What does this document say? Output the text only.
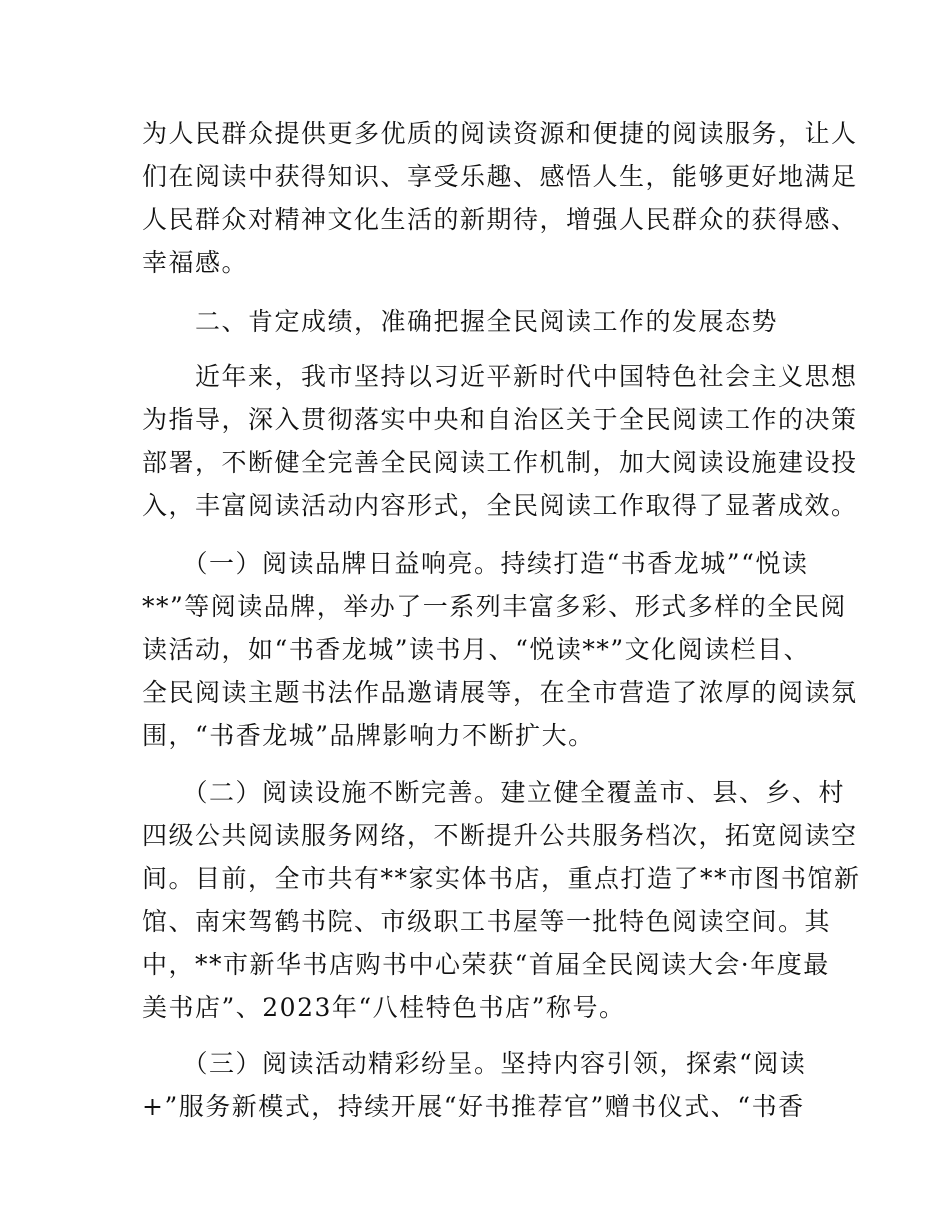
为人民群众提供更多优质的阅读资源和便捷的阅读服务，让人
们在阅读中获得知识、享受乐趣、感悟人生，能够更好地满足
人民群众对精神文化生活的新期待，增强人民群众的获得感、
幸福感。
　　二、肯定成绩，准确把握全民阅读工作的发展态势
　　近年来，我市坚持以习近平新时代中国特色社会主义思想
为指导，深入贯彻落实中央和自治区关于全民阅读工作的决策
部署，不断健全完善全民阅读工作机制，加大阅读设施建设投
入，丰富阅读活动内容形式，全民阅读工作取得了显著成效。
　　（一）阅读品牌日益响亮。持续打造“书香龙城”“悦读
**”等阅读品牌，举办了一系列丰富多彩、形式多样的全民阅
读活动，如“书香龙城”读书月、“悦读**”文化阅读栏目、
全民阅读主题书法作品邀请展等，在全市营造了浓厚的阅读氛
围，“书香龙城”品牌影响力不断扩大。
　　（二）阅读设施不断完善。建立健全覆盖市、县、乡、村
四级公共阅读服务网络，不断提升公共服务档次，拓宽阅读空
间。目前，全市共有**家实体书店，重点打造了**市图书馆新
馆、南宋驾鹤书院、市级职工书屋等一批特色阅读空间。其
中，**市新华书店购书中心荣获“首届全民阅读大会·年度最
美书店”、2023年“八桂特色书店”称号。
　　（三）阅读活动精彩纷呈。坚持内容引领，探索“阅读
+”服务新模式，持续开展“好书推荐官”赠书仪式、“书香
